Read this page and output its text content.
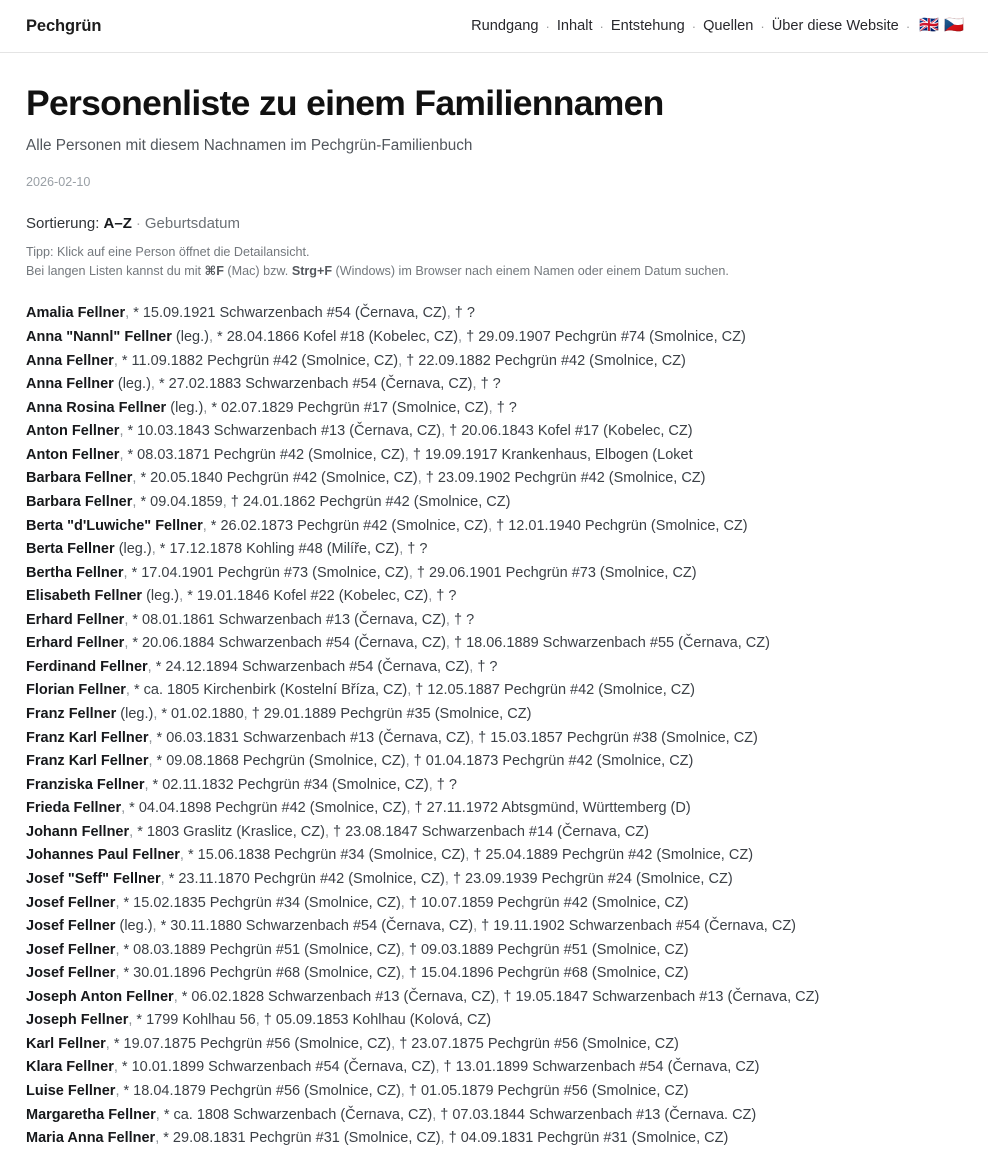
Pechgrün	Rundgang · Inhalt · Entstehung · Quellen · Über diese Website · 🇬🇧 🇨🇿
Personenliste zu einem Familiennamen

Alle Personen mit diesem Nachnamen im Pechgrün-Familienbuch

2026-02-10

Sortierung: A–Z · Geburtsdatum
Tipp: Klick auf eine Person öffnet die Detailansicht.
Bei langen Listen kannst du mit ⌘F (Mac) bzw. Strg+F (Windows) im Browser nach einem Namen oder einem Datum suchen.
Amalia Fellner, * 15.09.1921 Schwarzenbach #54 (Černava, CZ), † ?
Anna "Nannl" Fellner (leg.), * 28.04.1866 Kofel #18 (Kobelec, CZ), † 29.09.1907 Pechgrün #74 (Smolnice, CZ)
Anna Fellner, * 11.09.1882 Pechgrün #42 (Smolnice, CZ), † 22.09.1882 Pechgrün #42 (Smolnice, CZ)
Anna Fellner (leg.), * 27.02.1883 Schwarzenbach #54 (Černava, CZ), † ?
Anna Rosina Fellner (leg.), * 02.07.1829 Pechgrün #17 (Smolnice, CZ), † ?
Anton Fellner, * 10.03.1843 Schwarzenbach #13 (Černava, CZ), † 20.06.1843 Kofel #17 (Kobelec, CZ)
Anton Fellner, * 08.03.1871 Pechgrün #42 (Smolnice, CZ), † 19.09.1917 Krankenhaus, Elbogen (Loket
Barbara Fellner, * 20.05.1840 Pechgrün #42 (Smolnice, CZ), † 23.09.1902 Pechgrün #42 (Smolnice, CZ)
Barbara Fellner, * 09.04.1859, † 24.01.1862 Pechgrün #42 (Smolnice, CZ)
Berta "d'Luwiche" Fellner, * 26.02.1873 Pechgrün #42 (Smolnice, CZ), † 12.01.1940 Pechgrün (Smolnice, CZ)
Berta Fellner (leg.), * 17.12.1878 Kohling #48 (Milíře, CZ), † ?
Bertha Fellner, * 17.04.1901 Pechgrün #73 (Smolnice, CZ), † 29.06.1901 Pechgrün #73 (Smolnice, CZ)
Elisabeth Fellner (leg.), * 19.01.1846 Kofel #22 (Kobelec, CZ), † ?
Erhard Fellner, * 08.01.1861 Schwarzenbach #13 (Černava, CZ), † ?
Erhard Fellner, * 20.06.1884 Schwarzenbach #54 (Černava, CZ), † 18.06.1889 Schwarzenbach #55 (Černava, CZ)
Ferdinand Fellner, * 24.12.1894 Schwarzenbach #54 (Černava, CZ), † ?
Florian Fellner, * ca. 1805 Kirchenbirk (Kostelní Bříza, CZ), † 12.05.1887 Pechgrün #42 (Smolnice, CZ)
Franz Fellner (leg.), * 01.02.1880, † 29.01.1889 Pechgrün #35 (Smolnice, CZ)
Franz Karl Fellner, * 06.03.1831 Schwarzenbach #13 (Černava, CZ), † 15.03.1857 Pechgrün #38 (Smolnice, CZ)
Franz Karl Fellner, * 09.08.1868 Pechgrün (Smolnice, CZ), † 01.04.1873 Pechgrün #42 (Smolnice, CZ)
Franziska Fellner, * 02.11.1832 Pechgrün #34 (Smolnice, CZ), † ?
Frieda Fellner, * 04.04.1898 Pechgrün #42 (Smolnice, CZ), † 27.11.1972 Abtsgmünd, Württemberg (D)
Johann Fellner, * 1803 Graslitz (Kraslice, CZ), † 23.08.1847 Schwarzenbach #14 (Černava, CZ)
Johannes Paul Fellner, * 15.06.1838 Pechgrün #34 (Smolnice, CZ), † 25.04.1889 Pechgrün #42 (Smolnice, CZ)
Josef "Seff" Fellner, * 23.11.1870 Pechgrün #42 (Smolnice, CZ), † 23.09.1939 Pechgrün #24 (Smolnice, CZ)
Josef Fellner, * 15.02.1835 Pechgrün #34 (Smolnice, CZ), † 10.07.1859 Pechgrün #42 (Smolnice, CZ)
Josef Fellner (leg.), * 30.11.1880 Schwarzenbach #54 (Černava, CZ), † 19.11.1902 Schwarzenbach #54 (Černava, CZ)
Josef Fellner, * 08.03.1889 Pechgrün #51 (Smolnice, CZ), † 09.03.1889 Pechgrün #51 (Smolnice, CZ)
Josef Fellner, * 30.01.1896 Pechgrün #68 (Smolnice, CZ), † 15.04.1896 Pechgrün #68 (Smolnice, CZ)
Joseph Anton Fellner, * 06.02.1828 Schwarzenbach #13 (Černava, CZ), † 19.05.1847 Schwarzenbach #13 (Černava, CZ)
Joseph Fellner, * 1799 Kohlhau 56, † 05.09.1853 Kohlhau (Kolová, CZ)
Karl Fellner, * 19.07.1875 Pechgrün #56 (Smolnice, CZ), † 23.07.1875 Pechgrün #56 (Smolnice, CZ)
Klara Fellner, * 10.01.1899 Schwarzenbach #54 (Černava, CZ), † 13.01.1899 Schwarzenbach #54 (Černava, CZ)
Luise Fellner, * 18.04.1879 Pechgrün #56 (Smolnice, CZ), † 01.05.1879 Pechgrün #56 (Smolnice, CZ)
Margaretha Fellner, * ca. 1808 Schwarzenbach (Černava, CZ), † 07.03.1844 Schwarzenbach #13 (Černava. CZ)
Maria Anna Fellner, * 29.08.1831 Pechgrün #31 (Smolnice, CZ), † 04.09.1831 Pechgrün #31 (Smolnice, CZ)
